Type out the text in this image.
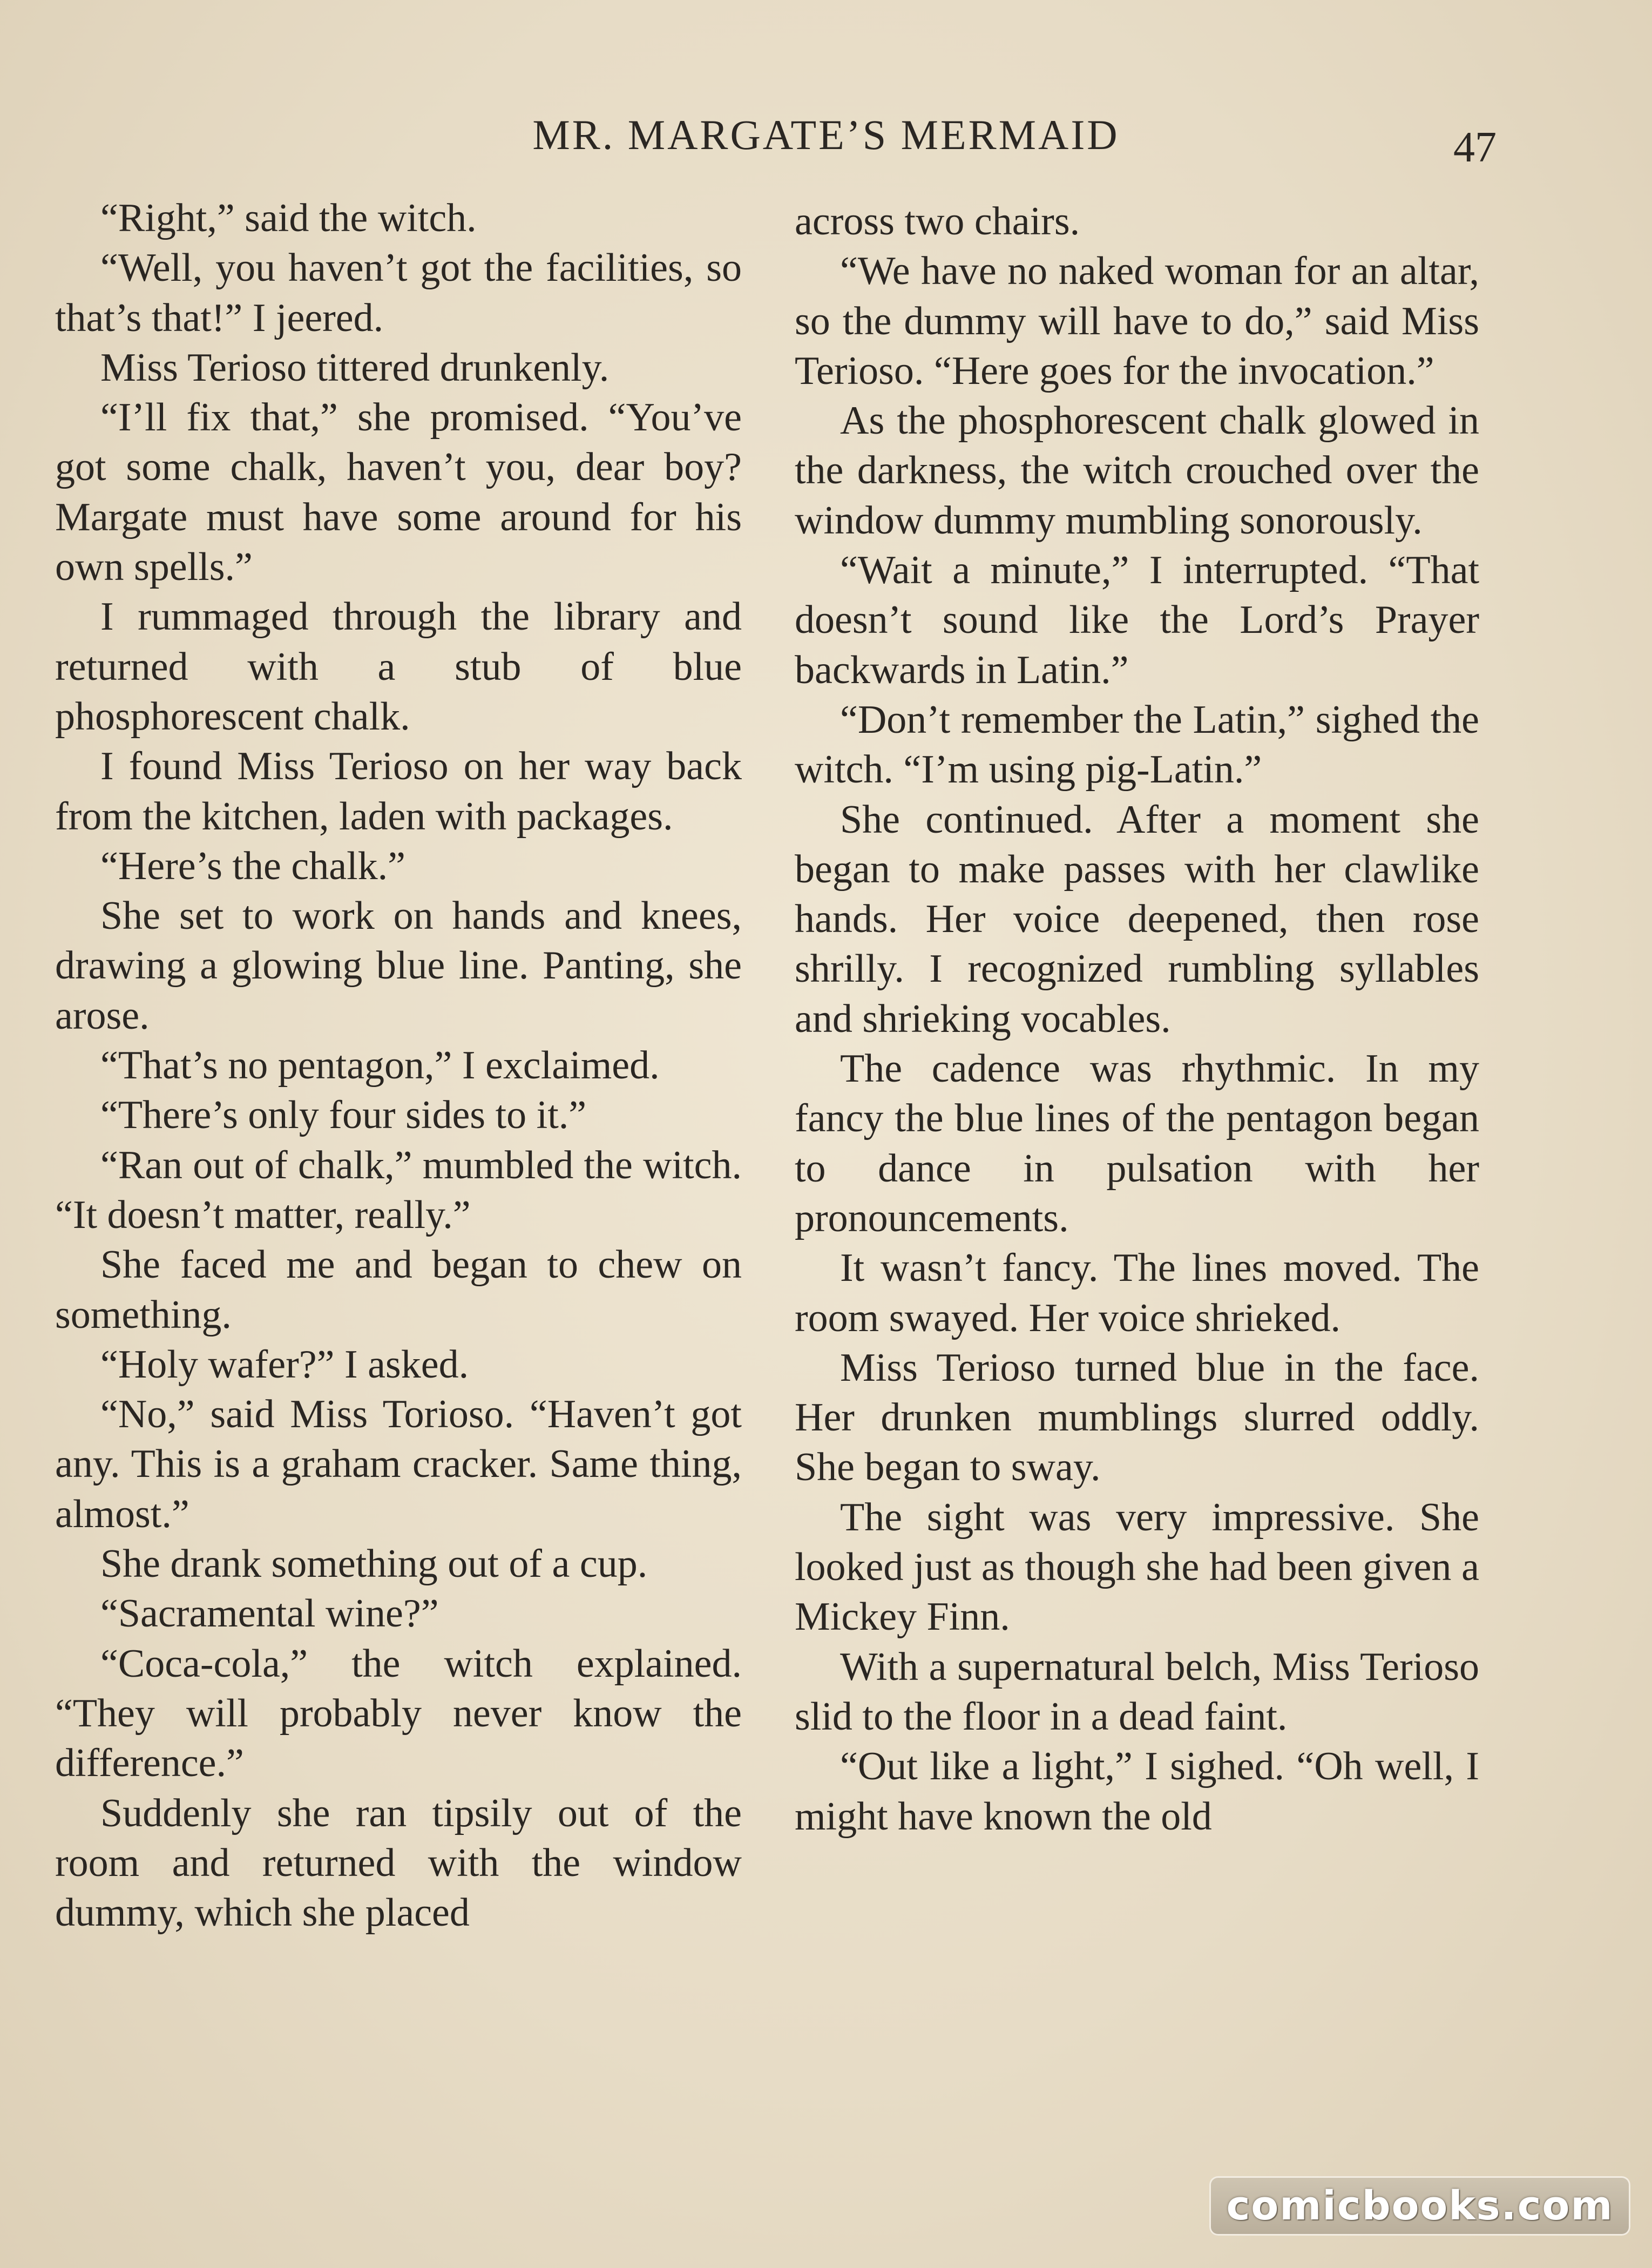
MR. MARGATE’S MERMAID	47

“Right,” said the witch.

“Well, you haven’t got the facilities, so that’s that!” I jeered.

Miss Terioso tittered drunkenly.

“I’ll fix that,” she promised. “You’ve got some chalk, haven’t you, dear boy? Margate must have some around for his own spells.”

I rummaged through the library and returned with a stub of blue phosphorescent chalk.

I found Miss Terioso on her way back from the kitchen, laden with packages.

“Here’s the chalk.”

She set to work on hands and knees, drawing a glowing blue line. Panting, she arose.

“That’s no pentagon,” I exclaimed.

“There’s only four sides to it.”

“Ran out of chalk,” mumbled the witch. “It doesn’t matter, really.”

She faced me and began to chew on something.

“Holy wafer?” I asked.

“No,” said Miss Torioso. “Haven’t got any. This is a graham cracker. Same thing, almost.”

She drank something out of a cup.

“Sacramental wine?”

“Coca-cola,” the witch explained. “They will probably never know the difference.”

Suddenly she ran tipsily out of the room and returned with the window dummy, which she placed

across two chairs.

“We have no naked woman for an altar, so the dummy will have to do,” said Miss Terioso. “Here goes for the invocation.”

As the phosphorescent chalk glowed in the darkness, the witch crouched over the window dummy mumbling sonorously.

“Wait a minute,” I interrupted. “That doesn’t sound like the Lord’s Prayer backwards in Latin.”

“Don’t remember the Latin,” sighed the witch. “I’m using pig-Latin.”

She continued. After a moment she began to make passes with her clawlike hands. Her voice deepened, then rose shrilly. I recognized rumbling syllables and shrieking vocables.

The cadence was rhythmic. In my fancy the blue lines of the pentagon began to dance in pulsation with her pronouncements.

It wasn’t fancy. The lines moved. The room swayed. Her voice shrieked.

Miss Terioso turned blue in the face. Her drunken mumblings slurred oddly. She began to sway.

The sight was very impressive. She looked just as though she had been given a Mickey Finn.

With a supernatural belch, Miss Terioso slid to the floor in a dead faint.

“Out like a light,” I sighed. “Oh well, I might have known the old

comicbooks.com
